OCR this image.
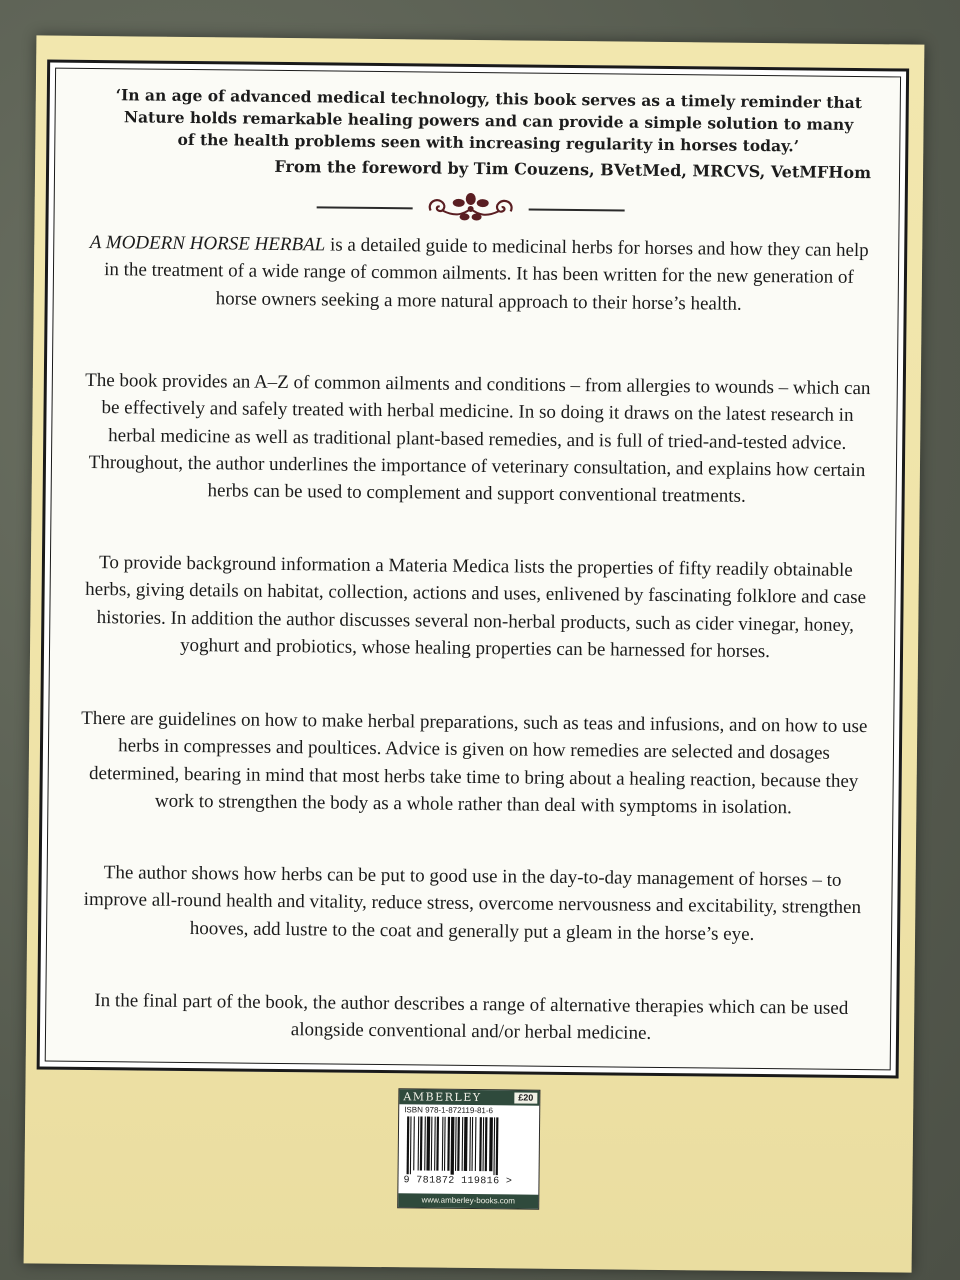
‘In an age of advanced medical technology, this book serves as a timely reminder that Nature holds remarkable healing powers and can provide a simple solution to many of the health problems seen with increasing regularity in horses today.’

From the foreword by Tim Couzens, BVetMed, MRCVS, VetMFHom

A MODERN HORSE HERBAL is a detailed guide to medicinal herbs for horses and how they can help in the treatment of a wide range of common ailments. It has been written for the new generation of horse owners seeking a more natural approach to their horse’s health.

The book provides an A–Z of common ailments and conditions – from allergies to wounds – which can be effectively and safely treated with herbal medicine. In so doing it draws on the latest research in herbal medicine as well as traditional plant-based remedies, and is full of tried-and-tested advice. Throughout, the author underlines the importance of veterinary consultation, and explains how certain herbs can be used to complement and support conventional treatments.

To provide background information a Materia Medica lists the properties of fifty readily obtainable herbs, giving details on habitat, collection, actions and uses, enlivened by fascinating folklore and case histories. In addition the author discusses several non-herbal products, such as cider vinegar, honey, yoghurt and probiotics, whose healing properties can be harnessed for horses.

There are guidelines on how to make herbal preparations, such as teas and infusions, and on how to use herbs in compresses and poultices. Advice is given on how remedies are selected and dosages determined, bearing in mind that most herbs take time to bring about a healing reaction, because they work to strengthen the body as a whole rather than deal with symptoms in isolation.

The author shows how herbs can be put to good use in the day-to-day management of horses – to improve all-round health and vitality, reduce stress, overcome nervousness and excitability, strengthen hooves, add lustre to the coat and generally put a gleam in the horse’s eye.

In the final part of the book, the author describes a range of alternative therapies which can be used alongside conventional and/or herbal medicine.

AMBERLEY	£20
ISBN 978-1-872119-81-6
9 781872 119816 >
www.amberley-books.com
